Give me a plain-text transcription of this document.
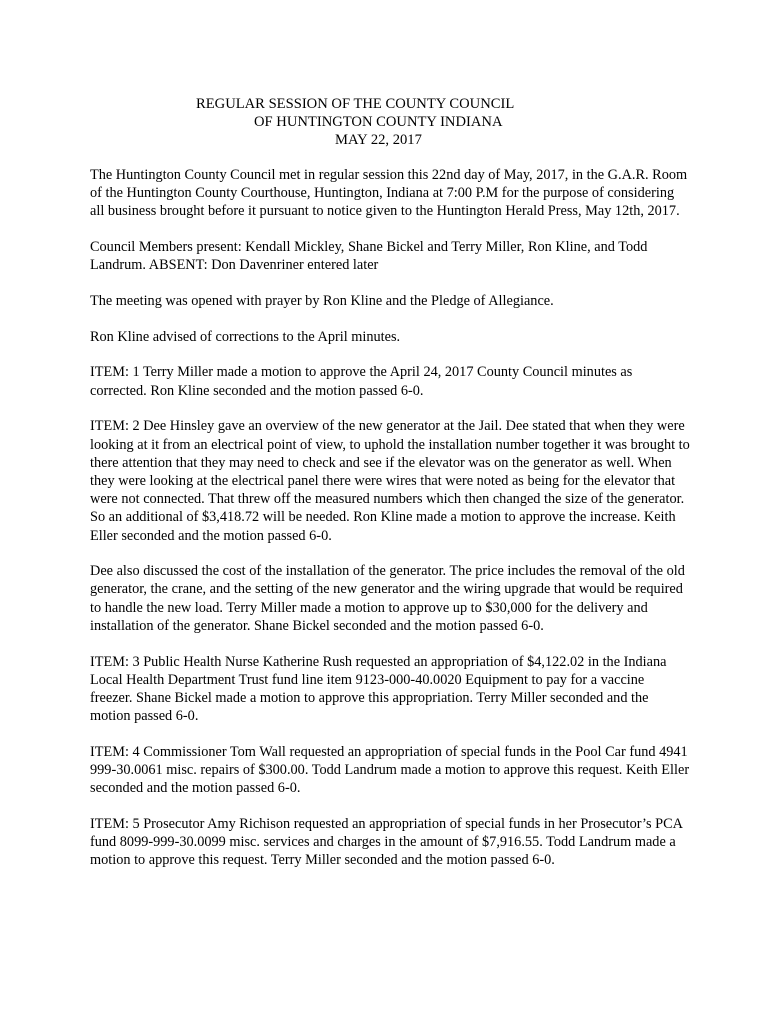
REGULAR SESSION OF THE COUNTY COUNCIL
OF HUNTINGTON COUNTY INDIANA
MAY 22, 2017

The Huntington County Council met in regular session this 22nd day of May, 2017, in the G.A.R. Room of the Huntington County Courthouse, Huntington, Indiana at 7:00 P.M for the purpose of considering all business brought before it pursuant to notice given to the Huntington Herald Press, May 12th, 2017.

Council Members present: Kendall Mickley, Shane Bickel and Terry Miller, Ron Kline, and Todd Landrum. ABSENT: Don Davenriner entered later

The meeting was opened with prayer by Ron Kline and the Pledge of Allegiance.

Ron Kline advised of corrections to the April minutes.

ITEM: 1 Terry Miller made a motion to approve the April 24, 2017 County Council minutes as corrected. Ron Kline seconded and the motion passed 6-0.

ITEM: 2 Dee Hinsley gave an overview of the new generator at the Jail. Dee stated that when they were looking at it from an electrical point of view, to uphold the installation number together it was brought to there attention that they may need to check and see if the elevator was on the generator as well. When they were looking at the electrical panel there were wires that were noted as being for the elevator that were not connected. That threw off the measured numbers which then changed the size of the generator. So an additional of $3,418.72 will be needed. Ron Kline made a motion to approve the increase. Keith Eller seconded and the motion passed 6-0.

Dee also discussed the cost of the installation of the generator. The price includes the removal of the old generator, the crane, and the setting of the new generator and the wiring upgrade that would be required to handle the new load. Terry Miller made a motion to approve up to $30,000 for the delivery and installation of the generator. Shane Bickel seconded and the motion passed 6-0.

ITEM: 3 Public Health Nurse Katherine Rush requested an appropriation of $4,122.02 in the Indiana Local Health Department Trust fund line item 9123-000-40.0020 Equipment to pay for a vaccine freezer. Shane Bickel made a motion to approve this appropriation. Terry Miller seconded and the motion passed 6-0.

ITEM: 4 Commissioner Tom Wall requested an appropriation of special funds in the Pool Car fund 4941 999-30.0061 misc. repairs of $300.00. Todd Landrum made a motion to approve this request. Keith Eller seconded and the motion passed 6-0.

ITEM: 5 Prosecutor Amy Richison requested an appropriation of special funds in her Prosecutor’s PCA fund 8099-999-30.0099 misc. services and charges in the amount of $7,916.55. Todd Landrum made a motion to approve this request. Terry Miller seconded and the motion passed 6-0.
